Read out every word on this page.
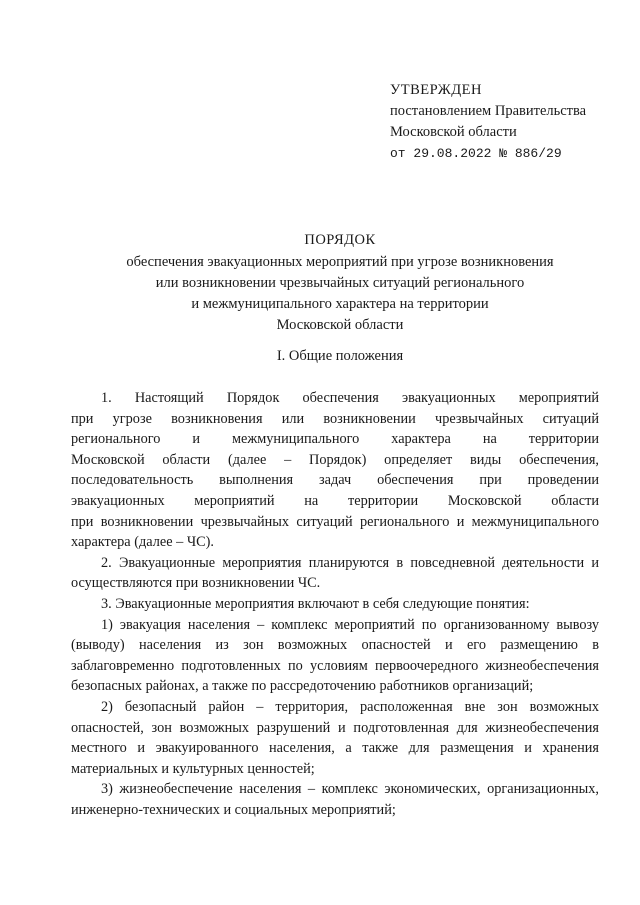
УТВЕРЖДЕН
постановлением Правительства
Московской области
от 29.08.2022 № 886/29
ПОРЯДОК
обеспечения эвакуационных мероприятий при угрозе возникновения
или возникновении чрезвычайных ситуаций регионального
и межмуниципального характера на территории
Московской области
I. Общие положения
1. Настоящий Порядок обеспечения эвакуационных мероприятий
при угрозе возникновения или возникновении чрезвычайных ситуаций
регионального и межмуниципального характера на территории
Московской области (далее – Порядок) определяет виды обеспечения,
последовательность выполнения задач обеспечения при проведении
эвакуационных мероприятий на территории Московской области
при возникновении чрезвычайных ситуаций регионального и межмуниципального
характера (далее – ЧС).

2. Эвакуационные мероприятия планируются в повседневной деятельности и осуществляются при возникновении ЧС.

3. Эвакуационные мероприятия включают в себя следующие понятия:

1) эвакуация населения – комплекс мероприятий по организованному вывозу (выводу) населения из зон возможных опасностей и его размещению в заблаговременно подготовленных по условиям первоочередного жизнеобеспечения безопасных районах, а также по рассредоточению работников организаций;

2) безопасный район – территория, расположенная вне зон возможных опасностей, зон возможных разрушений и подготовленная для жизнеобеспечения местного и эвакуированного населения, а также для размещения и хранения материальных и культурных ценностей;

3) жизнеобеспечение населения – комплекс экономических, организационных, инженерно-технических и социальных мероприятий;
